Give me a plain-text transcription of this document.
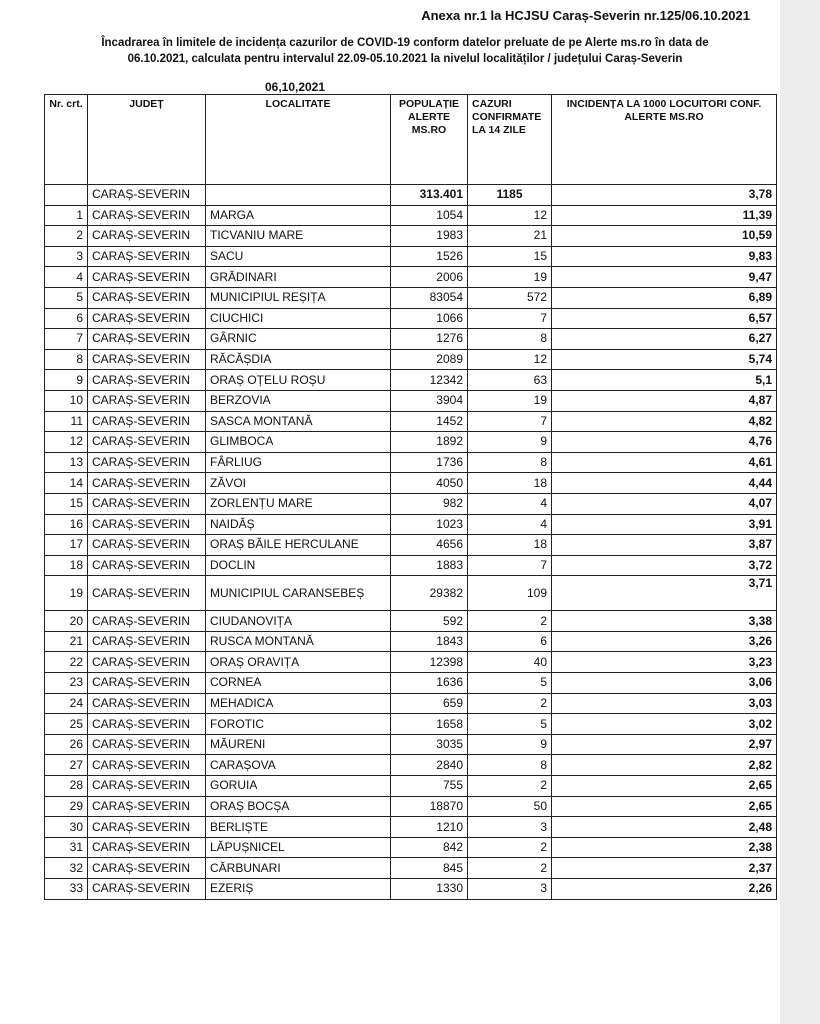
Anexa nr.1 la HCJSU Caraș-Severin nr.125/06.10.2021
Încadrarea în limitele de incidența cazurilor de COVID-19 conform datelor preluate de pe Alerte ms.ro în data de
06.10.2021, calculata pentru intervalul 22.09-05.10.2021 la nivelul localităților / județului Caraș-Severin
06,10,2021
Nr. crt.	JUDEȚ	LOCALITATE	POPULAȚIE ALERTE MS.RO	CAZURI CONFIRMATE LA 14 ZILE	INCIDENȚA LA 1000 LOCUITORI CONF. ALERTE MS.RO
	CARAȘ-SEVERIN		313.401	1185	3,78
1	CARAȘ-SEVERIN	MARGA	1054	12	11,39
2	CARAȘ-SEVERIN	TICVANIU MARE	1983	21	10,59
3	CARAȘ-SEVERIN	SACU	1526	15	9,83
4	CARAȘ-SEVERIN	GRĂDINARI	2006	19	9,47
5	CARAȘ-SEVERIN	MUNICIPIUL REȘIȚA	83054	572	6,89
6	CARAȘ-SEVERIN	CIUCHICI	1066	7	6,57
7	CARAȘ-SEVERIN	GÂRNIC	1276	8	6,27
8	CARAȘ-SEVERIN	RĂCĂȘDIA	2089	12	5,74
9	CARAȘ-SEVERIN	ORAȘ OȚELU ROȘU	12342	63	5,1
10	CARAȘ-SEVERIN	BERZOVIA	3904	19	4,87
11	CARAȘ-SEVERIN	SASCA MONTANĂ	1452	7	4,82
12	CARAȘ-SEVERIN	GLIMBOCA	1892	9	4,76
13	CARAȘ-SEVERIN	FÂRLIUG	1736	8	4,61
14	CARAȘ-SEVERIN	ZĂVOI	4050	18	4,44
15	CARAȘ-SEVERIN	ZORLENȚU MARE	982	4	4,07
16	CARAȘ-SEVERIN	NAIDĂȘ	1023	4	3,91
17	CARAȘ-SEVERIN	ORAȘ BĂILE HERCULANE	4656	18	3,87
18	CARAȘ-SEVERIN	DOCLIN	1883	7	3,72
19	CARAȘ-SEVERIN	MUNICIPIUL CARANSEBEȘ	29382	109	3,71
20	CARAȘ-SEVERIN	CIUDANOVIȚA	592	2	3,38
21	CARAȘ-SEVERIN	RUSCA MONTANĂ	1843	6	3,26
22	CARAȘ-SEVERIN	ORAȘ ORAVIȚA	12398	40	3,23
23	CARAȘ-SEVERIN	CORNEA	1636	5	3,06
24	CARAȘ-SEVERIN	MEHADICA	659	2	3,03
25	CARAȘ-SEVERIN	FOROTIC	1658	5	3,02
26	CARAȘ-SEVERIN	MĂURENI	3035	9	2,97
27	CARAȘ-SEVERIN	CARAȘOVA	2840	8	2,82
28	CARAȘ-SEVERIN	GORUIA	755	2	2,65
29	CARAȘ-SEVERIN	ORAȘ BOCȘA	18870	50	2,65
30	CARAȘ-SEVERIN	BERLIȘTE	1210	3	2,48
31	CARAȘ-SEVERIN	LĂPUȘNICEL	842	2	2,38
32	CARAȘ-SEVERIN	CĂRBUNARI	845	2	2,37
33	CARAȘ-SEVERIN	EZERIȘ	1330	3	2,26
